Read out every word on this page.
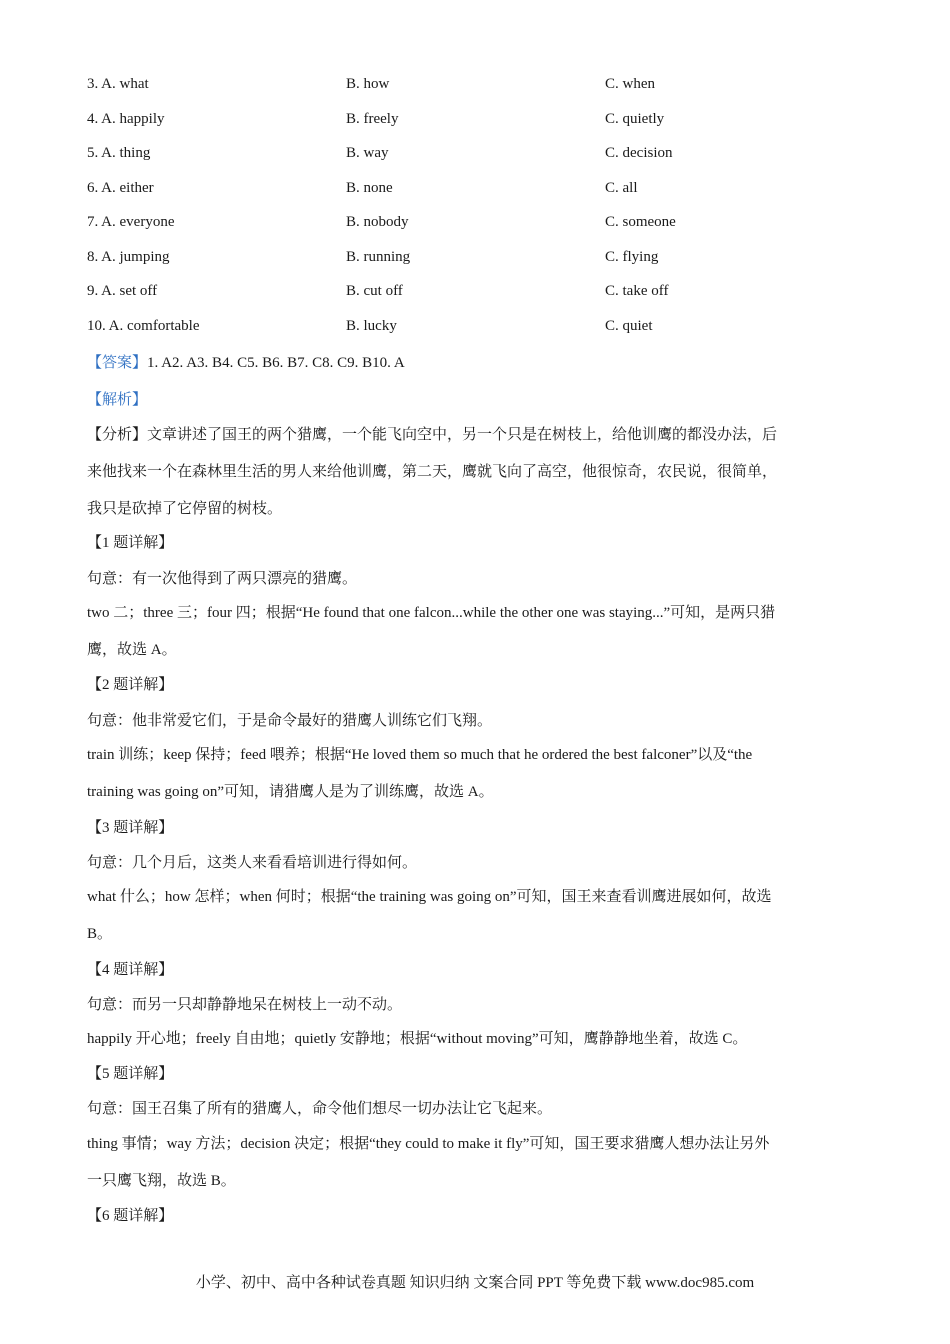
3. A. what	B. how	C. when
4. A. happily	B. freely	C. quietly
5. A. thing	B. way	C. decision
6. A. either	B. none	C. all
7. A. everyone	B. nobody	C. someone
8. A. jumping	B. running	C. flying
9. A. set off	B. cut off	C. take off
10. A. comfortable	B. lucky	C. quiet
【答案】1. A2. A3. B4. C5. B6. B7. C8. C9. B10. A
【解析】
【分析】文章讲述了国王的两个猎鹰，一个能飞向空中，另一个只是在树枝上，给他训鹰的都没办法，后
来他找来一个在森林里生活的男人来给他训鹰，第二天，鹰就飞向了高空，他很惊奇，农民说，很简单，
我只是砍掉了它停留的树枝。
【1 题详解】
句意：有一次他得到了两只漂亮的猎鹰。
two 二；three 三；four 四；根据“He found that one falcon...while the other one was staying...”可知，是两只猎
鹰，故选 A。
【2 题详解】
句意：他非常爱它们，于是命令最好的猎鹰人训练它们飞翔。
train 训练；keep 保持；feed 喂养；根据“He loved them so much that he ordered the best falconer”以及“the
training was going on”可知，请猎鹰人是为了训练鹰，故选 A。
【3 题详解】
句意：几个月后，这类人来看看培训进行得如何。
what 什么；how 怎样；when 何时；根据“the training was going on”可知，国王来查看训鹰进展如何，故选
B。
【4 题详解】
句意：而另一只却静静地呆在树枝上一动不动。
happily 开心地；freely 自由地；quietly 安静地；根据“without moving”可知，鹰静静地坐着，故选 C。
【5 题详解】
句意：国王召集了所有的猎鹰人，命令他们想尽一切办法让它飞起来。
thing 事情；way 方法；decision 决定；根据“they could to make it fly”可知，国王要求猎鹰人想办法让另外
一只鹰飞翔，故选 B。
【6 题详解】
小学、初中、高中各种试卷真题 知识归纳 文案合同 PPT 等免费下载 www.doc985.com
